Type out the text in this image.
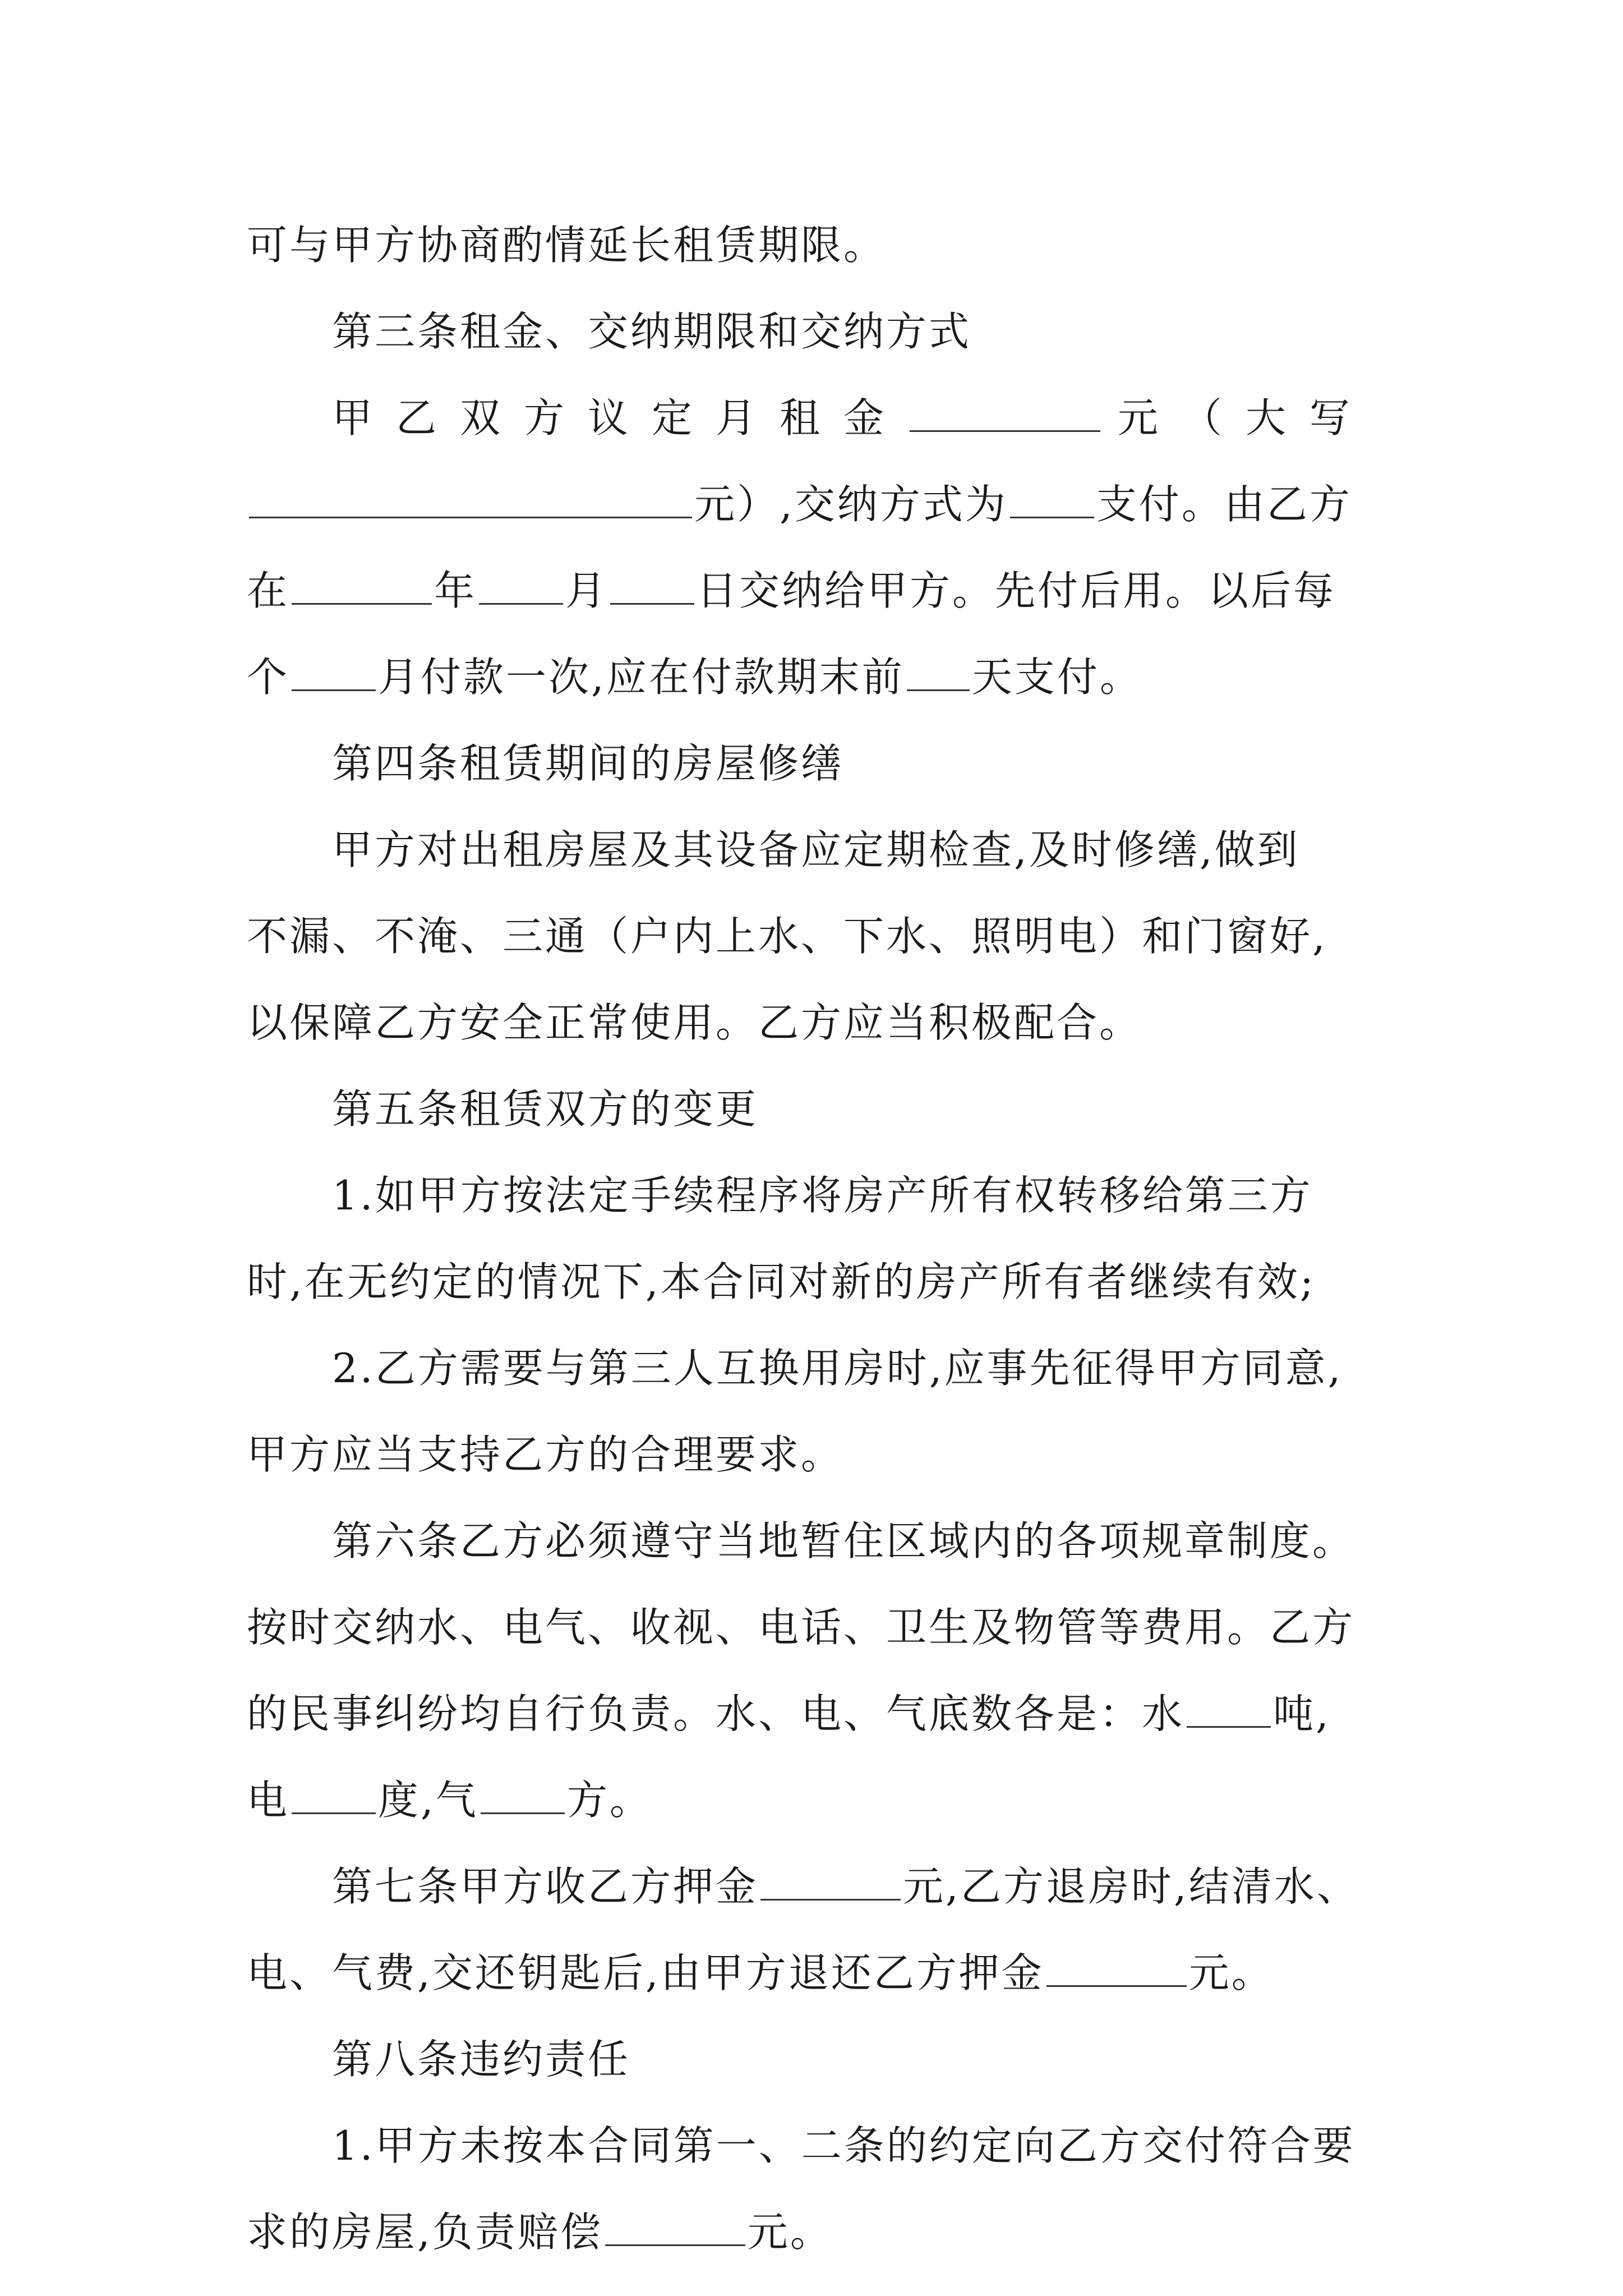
可与甲方协商酌情延长租赁期限。
第三条租金、交纳期限和交纳方式
甲乙双方议定月租金	元（大写
元）,交纳方式为 支付。由乙方
在	年 月 日交纳给甲方。先付后用。以后每
个 月付款一次,应在付款期末前 天支付。
第四条租赁期间的房屋修缮
甲方对出租房屋及其设备应定期检查,及时修缮,做到
不漏、不淹、三通（户内上水、下水、照明电）和门窗好,
以保障乙方安全正常使用。乙方应当积极配合。
第五条租赁双方的变更
1.如甲方按法定手续程序将房产所有权转移给第三方
时,在无约定的情况下,本合同对新的房产所有者继续有效;
2.乙方需要与第三人互换用房时,应事先征得甲方同意,
甲方应当支持乙方的合理要求。
第六条乙方必须遵守当地暂住区域内的各项规章制度。
按时交纳水、电气、收视、电话、卫生及物管等费用。乙方
的民事纠纷均自行负责。水、电、气底数各是：水 吨,
电 度,气 方。
第七条甲方收乙方押金	元,乙方退房时,结清水、
电、气费,交还钥匙后,由甲方退还乙方押金	元。
第八条违约责任
1.甲方未按本合同第一、二条的约定向乙方交付符合要
求的房屋,负责赔偿	元。
